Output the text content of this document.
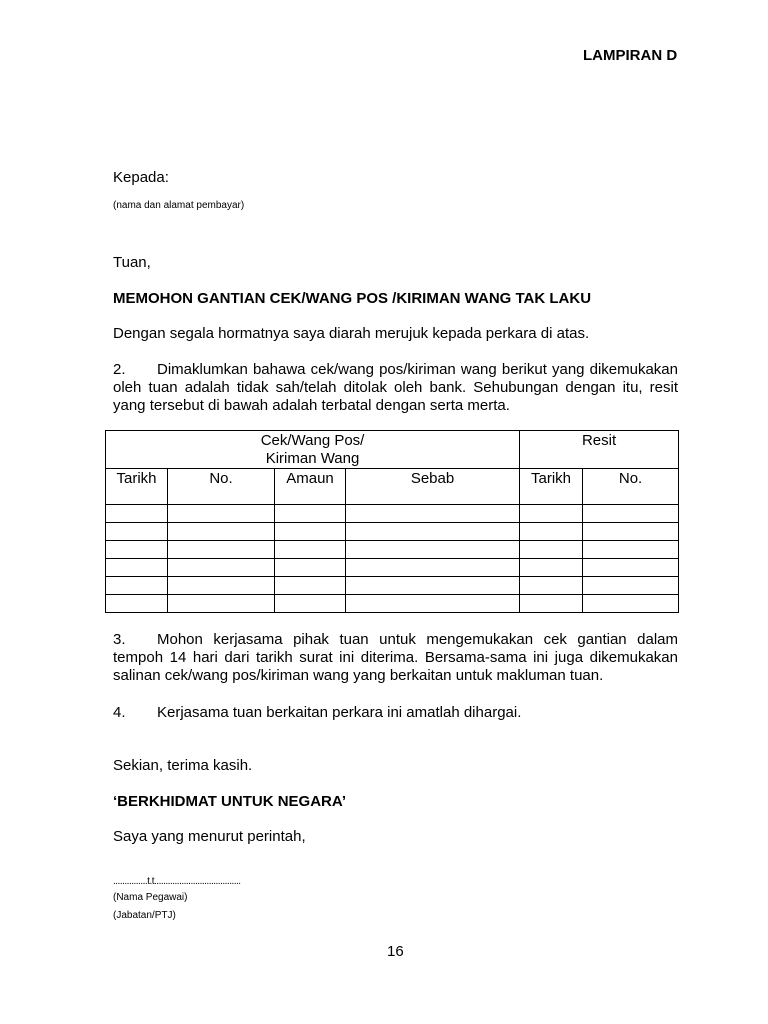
LAMPIRAN D
Kepada:
(nama dan alamat pembayar)
Tuan,
MEMOHON GANTIAN CEK/WANG POS /KIRIMAN WANG TAK LAKU
Dengan segala hormatnya saya diarah merujuk kepada perkara di atas.
2. Dimaklumkan bahawa cek/wang pos/kiriman wang berikut yang dikemukakan
oleh tuan adalah tidak sah/telah ditolak oleh bank. Sehubungan dengan itu, resit yang tersebut di bawah adalah terbatal dengan serta merta.
Cek/Wang Pos/
Kiriman Wang				Resit	
Tarikh	No.	Amaun	Sebab	Tarikh	No.

3. Mohon kerjasama pihak tuan untuk mengemukakan cek gantian dalam
tempoh 14 hari dari tarikh surat ini diterima. Bersama-sama ini juga dikemukakan salinan cek/wang pos/kiriman wang yang berkaitan untuk makluman tuan.
4. Kerjasama tuan berkaitan perkara ini amatlah dihargai.
Sekian, terima kasih.
‘BERKHIDMAT UNTUK NEGARA’
Saya yang menurut perintah,
...............t.t......................................
(Nama Pegawai)
(Jabatan/PTJ)
16
